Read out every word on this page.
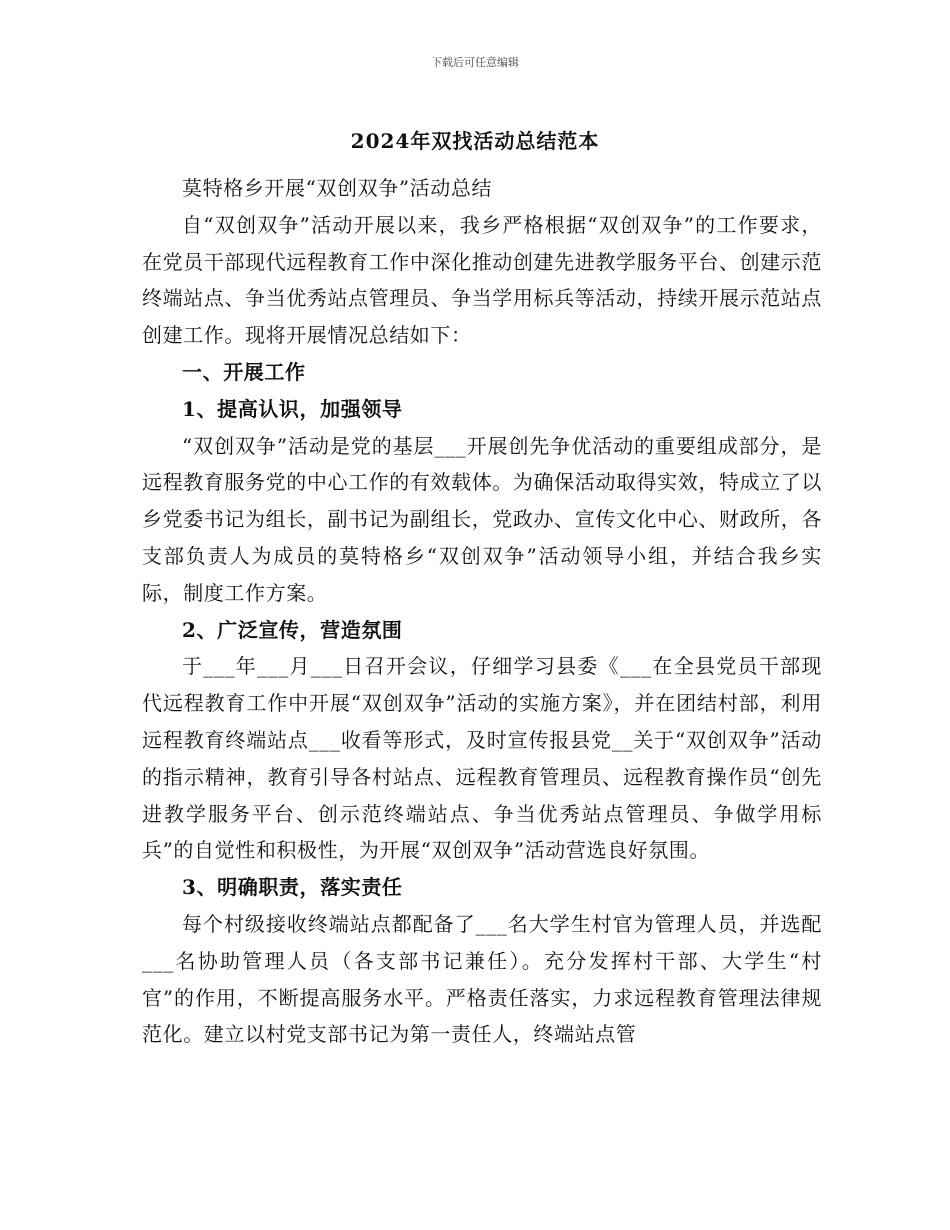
下载后可任意编辑
2024年双找活动总结范本

莫特格乡开展“双创双争”活动总结

自“双创双争”活动开展以来，我乡严格根据“双创双争”的工作要求，在党员干部现代远程教育工作中深化推动创建先进教学服务平台、创建示范终端站点、争当优秀站点管理员、争当学用标兵等活动，持续开展示范站点创建工作。现将开展情况总结如下：

一、开展工作

1、提高认识，加强领导

“双创双争”活动是党的基层___开展创先争优活动的重要组成部分，是远程教育服务党的中心工作的有效载体。为确保活动取得实效，特成立了以乡党委书记为组长，副书记为副组长，党政办、宣传文化中心、财政所，各支部负责人为成员的莫特格乡“双创双争”活动领导小组，并结合我乡实际，制度工作方案。

2、广泛宣传，营造氛围

于___年___月___日召开会议，仔细学习县委《___在全县党员干部现代远程教育工作中开展“双创双争”活动的实施方案》，并在团结村部，利用远程教育终端站点___收看等形式，及时宣传报县党__关于“双创双争”活动的指示精神，教育引导各村站点、远程教育管理员、远程教育操作员“创先进教学服务平台、创示范终端站点、争当优秀站点管理员、争做学用标兵”的自觉性和积极性，为开展“双创双争”活动营选良好氛围。

3、明确职责，落实责任

每个村级接收终端站点都配备了___名大学生村官为管理人员，并选配___名协助管理人员（各支部书记兼任）。充分发挥村干部、大学生“村官”的作用，不断提高服务水平。严格责任落实，力求远程教育管理法律规范化。建立以村党支部书记为第一责任人，终端站点管
